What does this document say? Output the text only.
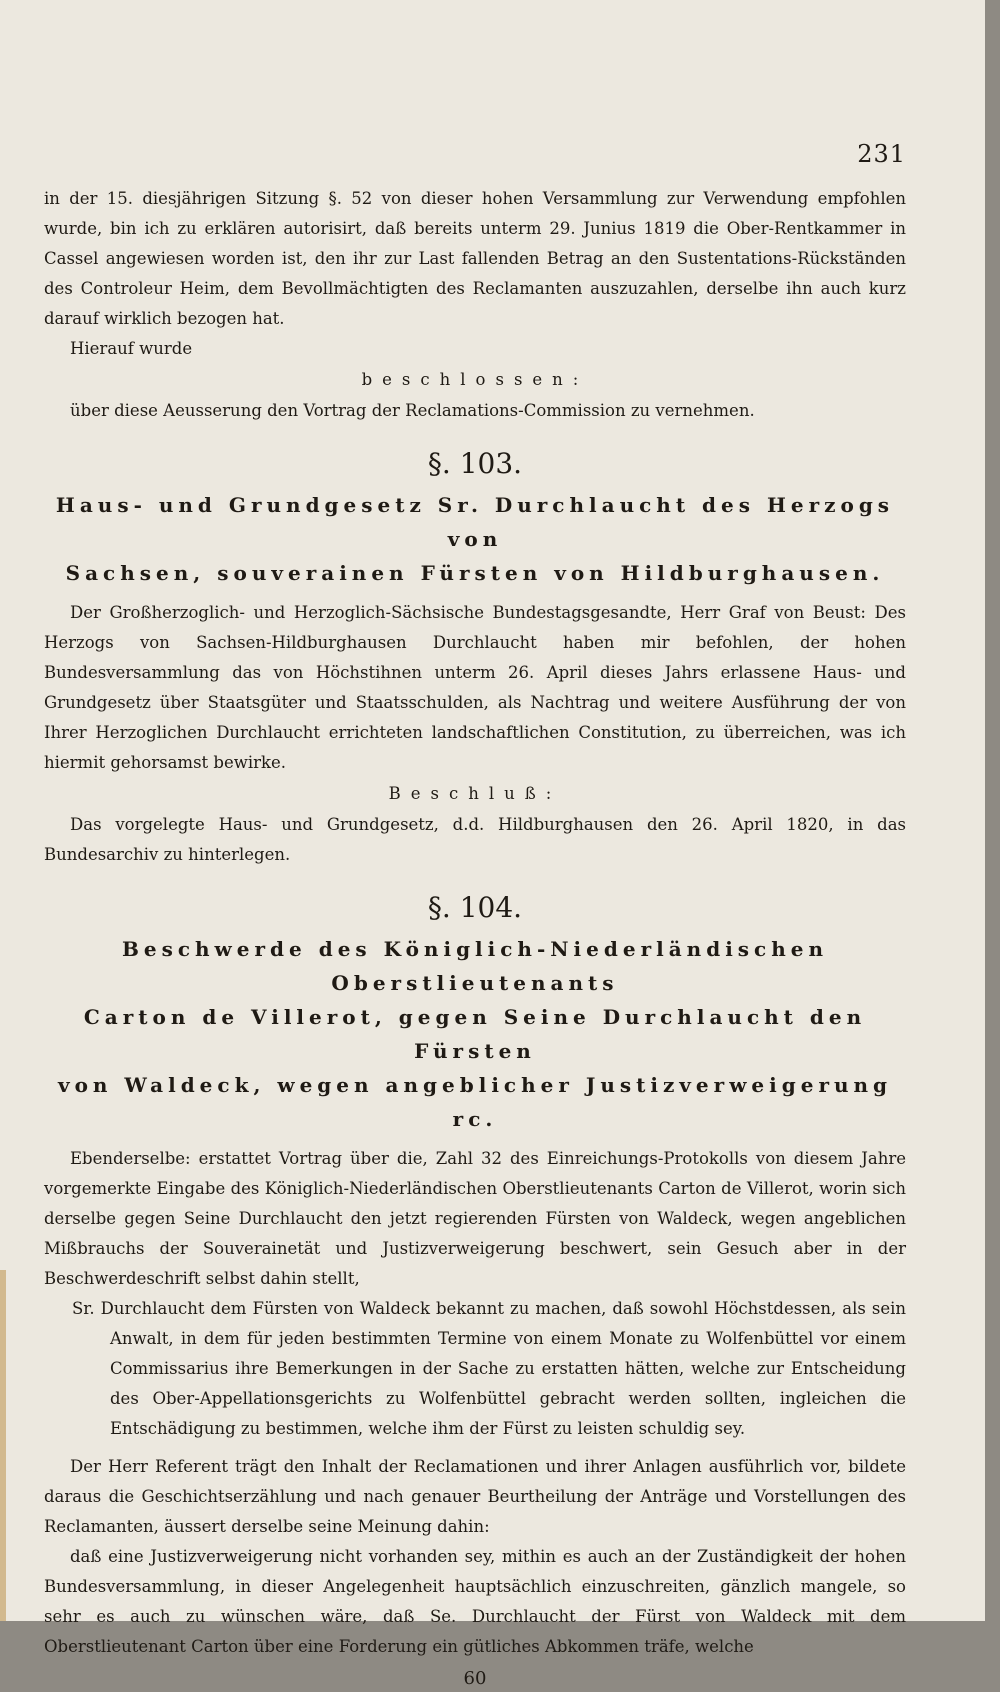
231

in der 15. diesjährigen Sitzung §. 52 von dieser hohen Versammlung zur Verwendung empfohlen wurde, bin ich zu erklären autorisirt, daß bereits unterm 29. Junius 1819 die Ober-Rentkammer in Cassel angewiesen worden ist, den ihr zur Last fallenden Betrag an den Sustentations-Rückständen des Controleur Heim, dem Bevollmächtigten des Reclamanten auszuzahlen, derselbe ihn auch kurz darauf wirklich bezogen hat.

Hierauf wurde

beschlossen:

über diese Aeusserung den Vortrag der Reclamations-Commission zu vernehmen.

§. 103.
Haus- und Grundgesetz Sr. Durchlaucht des Herzogs von
Sachsen, souverainen Fürsten von Hildburghausen.

Der Großherzoglich- und Herzoglich-Sächsische Bundestagsgesandte, Herr Graf von Beust: Des Herzogs von Sachsen-Hildburghausen Durchlaucht haben mir befohlen, der hohen Bundesversammlung das von Höchstihnen unterm 26. April dieses Jahrs erlassene Haus- und Grundgesetz über Staatsgüter und Staatsschulden, als Nachtrag und weitere Ausführung der von Ihrer Herzoglichen Durchlaucht errichteten landschaftlichen Constitution, zu überreichen, was ich hiermit gehorsamst bewirke.

Beschluß:

Das vorgelegte Haus- und Grundgesetz, d.d. Hildburghausen den 26. April 1820, in das Bundesarchiv zu hinterlegen.

§. 104.
Beschwerde des Königlich-Niederländischen Oberstlieutenants
Carton de Villerot, gegen Seine Durchlaucht den Fürsten
von Waldeck, wegen angeblicher Justizverweigerung rc.

Ebenderselbe: erstattet Vortrag über die, Zahl 32 des Einreichungs-Protokolls von diesem Jahre vorgemerkte Eingabe des Königlich-Niederländischen Oberstlieutenants Carton de Villerot, worin sich derselbe gegen Seine Durchlaucht den jetzt regierenden Fürsten von Waldeck, wegen angeblichen Mißbrauchs der Souverainetät und Justizverweigerung beschwert, sein Gesuch aber in der Beschwerdeschrift selbst dahin stellt,

Sr. Durchlaucht dem Fürsten von Waldeck bekannt zu machen, daß sowohl Höchstdessen, als sein Anwalt, in dem für jeden bestimmten Termine von einem Monate zu Wolfenbüttel vor einem Commissarius ihre Bemerkungen in der Sache zu erstatten hätten, welche zur Entscheidung des Ober-Appellationsgerichts zu Wolfenbüttel gebracht werden sollten, ingleichen die Entschädigung zu bestimmen, welche ihm der Fürst zu leisten schuldig sey.

Der Herr Referent trägt den Inhalt der Reclamationen und ihrer Anlagen ausführlich vor, bildete daraus die Geschichtserzählung und nach genauer Beurtheilung der Anträge und Vorstellungen des Reclamanten, äussert derselbe seine Meinung dahin:

daß eine Justizverweigerung nicht vorhanden sey, mithin es auch an der Zuständigkeit der hohen Bundesversammlung, in dieser Angelegenheit hauptsächlich einzuschreiten, gänzlich mangele, so sehr es auch zu wünschen wäre, daß Se. Durchlaucht der Fürst von Waldeck mit dem Oberstlieutenant Carton über eine Forderung ein gütliches Abkommen träfe, welche

60
